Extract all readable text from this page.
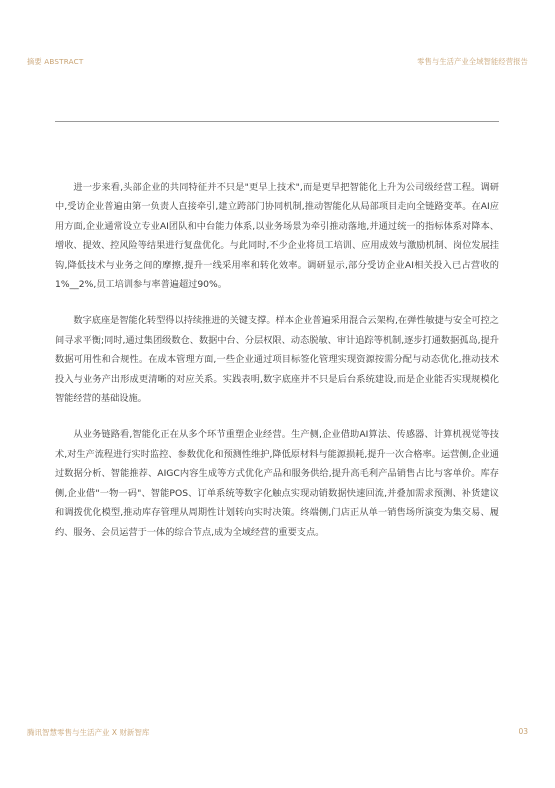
摘要 ABSTRACT	零售与生活产业全域智能经营报告

进一步来看,头部企业的共同特征并不只是"更早上技术",而是更早把智能化上升为公司级经营工程。调研中,受访企业普遍由第一负责人直接牵引,建立跨部门协同机制,推动智能化从局部项目走向全链路变革。在AI应用方面,企业通常设立专业AI团队和中台能力体系,以业务场景为牵引推动落地,并通过统一的指标体系对降本、增收、提效、控风险等结果进行复盘优化。与此同时,不少企业将员工培训、应用成效与激励机制、岗位发展挂钩,降低技术与业务之间的摩擦,提升一线采用率和转化效率。调研显示,部分受访企业AI相关投入已占营收的1%__2%,员工培训参与率普遍超过90%。

数字底座是智能化转型得以持续推进的关键支撑。样本企业普遍采用混合云架构,在弹性敏捷与安全可控之间寻求平衡;同时,通过集团级数仓、数据中台、分层权限、动态脱敏、审计追踪等机制,逐步打通数据孤岛,提升数据可用性和合规性。在成本管理方面,一些企业通过项目标签化管理实现资源按需分配与动态优化,推动技术投入与业务产出形成更清晰的对应关系。实践表明,数字底座并不只是后台系统建设,而是企业能否实现规模化智能经营的基础设施。

从业务链路看,智能化正在从多个环节重塑企业经营。生产侧,企业借助AI算法、传感器、计算机视觉等技术,对生产流程进行实时监控、参数优化和预测性维护,降低原材料与能源损耗,提升一次合格率。运营侧,企业通过数据分析、智能推荐、AIGC内容生成等方式优化产品和服务供给,提升高毛利产品销售占比与客单价。库存侧,企业借"一物一码"、智能POS、订单系统等数字化触点实现动销数据快速回流,并叠加需求预测、补货建议和调拨优化模型,推动库存管理从周期性计划转向实时决策。终端侧,门店正从单一销售场所演变为集交易、履约、服务、会员运营于一体的综合节点,成为全域经营的重要支点。

腾讯智慧零售与生活产业 X 财新智库	03
